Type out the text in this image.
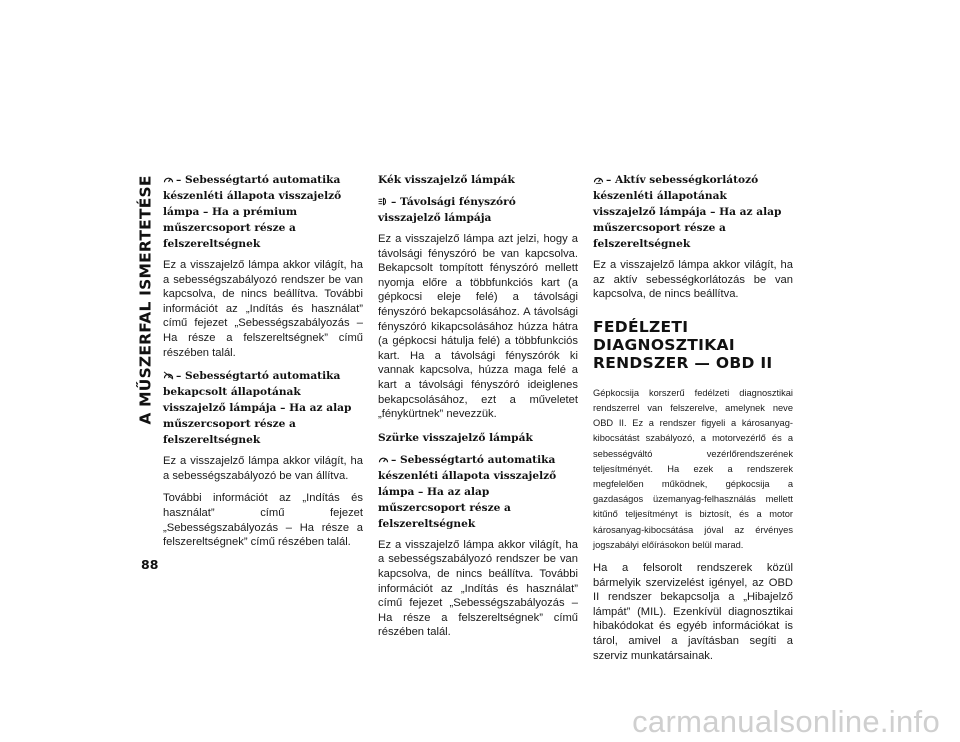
A MŰSZERFAL ISMERTETÉSE
88
– Sebességtartó automatika készenléti állapota visszajelző lámpa – Ha a prémium műszercsoport része a felszereltségnek
Ez a visszajelző lámpa akkor világít, ha a sebességszabályozó rendszer be van kapcsolva, de nincs beállítva. További információt az „Indítás és használat” című fejezet „Sebességszabályozás – Ha része a felszereltségnek” című részében talál.
– Sebességtartó automatika bekapcsolt állapotának visszajelző lámpája – Ha az alap műszercsoport része a felszereltségnek
Ez a visszajelző lámpa akkor világít, ha a sebességszabályozó be van állítva.
További információt az „Indítás és használat” című fejezet „Sebességszabályozás – Ha része a felszereltségnek” című részében talál.
Kék visszajelző lámpák
– Távolsági fényszóró visszajelző lámpája
Ez a visszajelző lámpa azt jelzi, hogy a távolsági fényszóró be van kapcsolva. Bekapcsolt tompított fényszóró mellett nyomja előre a többfunkciós kart (a gépkocsi eleje felé) a távolsági fényszóró bekapcsolásához. A távolsági fényszóró kikapcsolásához húzza hátra (a gépkocsi hátulja felé) a többfunkciós kart. Ha a távolsági fényszórók ki vannak kapcsolva, húzza maga felé a kart a távolsági fényszóró ideiglenes bekapcsolásához, ezt a műveletet „fénykürtnek” nevezzük.
Szürke visszajelző lámpák
– Sebességtartó automatika készenléti állapota visszajelző lámpa – Ha az alap műszercsoport része a felszereltségnek
Ez a visszajelző lámpa akkor világít, ha a sebességszabályozó rendszer be van kapcsolva, de nincs beállítva. További információt az „Indítás és használat” című fejezet „Sebességszabályozás – Ha része a felszereltségnek” című részében talál.
– Aktív sebességkorlátozó készenléti állapotának visszajelző lámpája – Ha az alap műszercsoport része a felszereltségnek
Ez a visszajelző lámpa akkor világít, ha az aktív sebességkorlátozás be van kapcsolva, de nincs beállítva.
FEDÉLZETI DIAGNOSZTIKAI RENDSZER — OBD II
Gépkocsija korszerű fedélzeti diagnosztikai rendszerrel van felszerelve, amelynek neve OBD II. Ez a rendszer figyeli a károsanyag-kibocsátást szabályozó, a motorvezérlő és a sebességváltó vezérlőrendszerének teljesítményét. Ha ezek a rendszerek megfelelően működnek, gépkocsija a gazdaságos üzemanyag-felhasználás mellett kitűnő teljesítményt is biztosít, és a motor károsanyag-kibocsátása jóval az érvényes jogszabályi előírásokon belül marad.
Ha a felsorolt rendszerek közül bármelyik szervizelést igényel, az OBD II rendszer bekapcsolja a „Hibajelző lámpát” (MIL). Ezenkívül diagnosztikai hibakódokat és egyéb információkat is tárol, amivel a javításban segíti a szerviz munkatársainak.
carmanualsonline.info
